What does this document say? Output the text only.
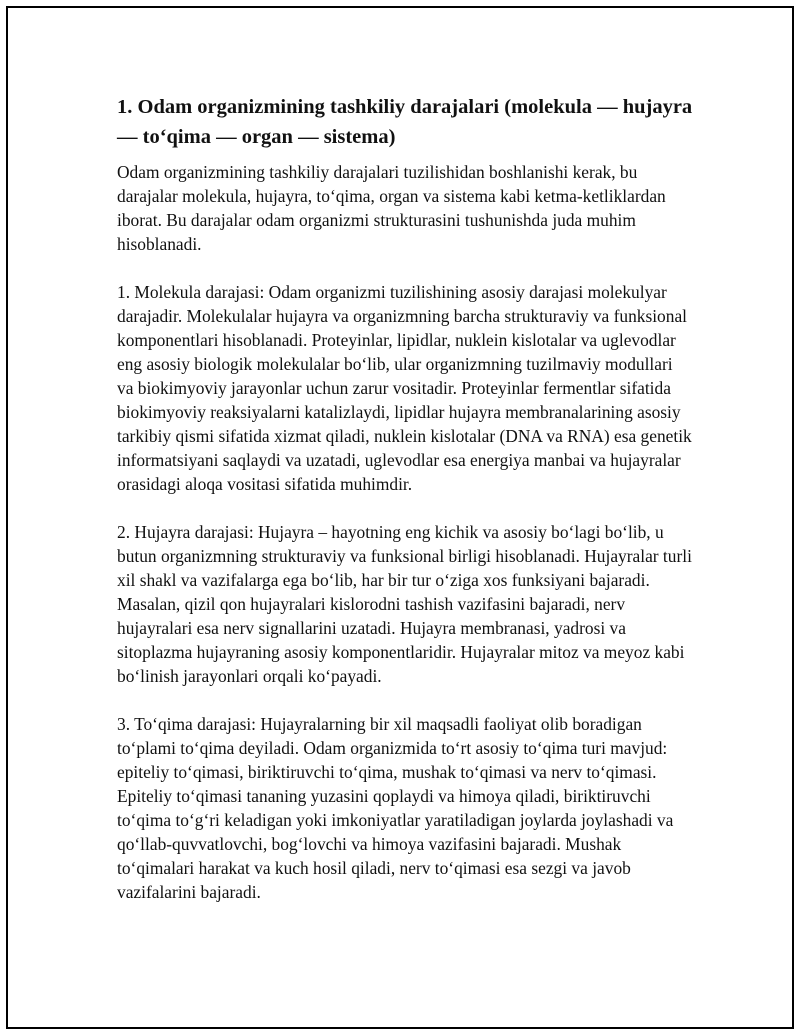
1. Odam organizmining tashkiliy darajalari (molekula — hujayra — to‘qima — organ — sistema)

Odam organizmining tashkiliy darajalari tuzilishidan boshlanishi kerak, bu darajalar molekula, hujayra, to‘qima, organ va sistema kabi ketma-ketliklardan iborat. Bu darajalar odam organizmi strukturasini tushunishda juda muhim hisoblanadi.

1. Molekula darajasi: Odam organizmi tuzilishining asosiy darajasi molekulyar darajadir. Molekulalar hujayra va organizmning barcha strukturaviy va funksional komponentlari hisoblanadi. Proteyinlar, lipidlar, nuklein kislotalar va uglevodlar eng asosiy biologik molekulalar bo‘lib, ular organizmning tuzilmaviy modullari va biokimyoviy jarayonlar uchun zarur vositadir. Proteyinlar fermentlar sifatida biokimyoviy reaksiyalarni katalizlaydi, lipidlar hujayra membranalarining asosiy tarkibiy qismi sifatida xizmat qiladi, nuklein kislotalar (DNA va RNA) esa genetik informatsiyani saqlaydi va uzatadi, uglevodlar esa energiya manbai va hujayralar orasidagi aloqa vositasi sifatida muhimdir.

2. Hujayra darajasi: Hujayra – hayotning eng kichik va asosiy bo‘lagi bo‘lib, u butun organizmning strukturaviy va funksional birligi hisoblanadi. Hujayralar turli xil shakl va vazifalarga ega bo‘lib, har bir tur o‘ziga xos funksiyani bajaradi. Masalan, qizil qon hujayralari kislorodni tashish vazifasini bajaradi, nerv hujayralari esa nerv signallarini uzatadi. Hujayra membranasi, yadrosi va sitoplazma hujayraning asosiy komponentlaridir. Hujayralar mitoz va meyoz kabi bo‘linish jarayonlari orqali ko‘payadi.

3. To‘qima darajasi: Hujayralarning bir xil maqsadli faoliyat olib boradigan to‘plami to‘qima deyiladi. Odam organizmida to‘rt asosiy to‘qima turi mavjud: epiteliy to‘qimasi, biriktiruvchi to‘qima, mushak to‘qimasi va nerv to‘qimasi. Epiteliy to‘qimasi tananing yuzasini qoplaydi va himoya qiladi, biriktiruvchi to‘qima to‘g‘ri keladigan yoki imkoniyatlar yaratiladigan joylarda joylashadi va qo‘llab-quvvatlovchi, bog‘lovchi va himoya vazifasini bajaradi. Mushak to‘qimalari harakat va kuch hosil qiladi, nerv to‘qimasi esa sezgi va javob vazifalarini bajaradi.
